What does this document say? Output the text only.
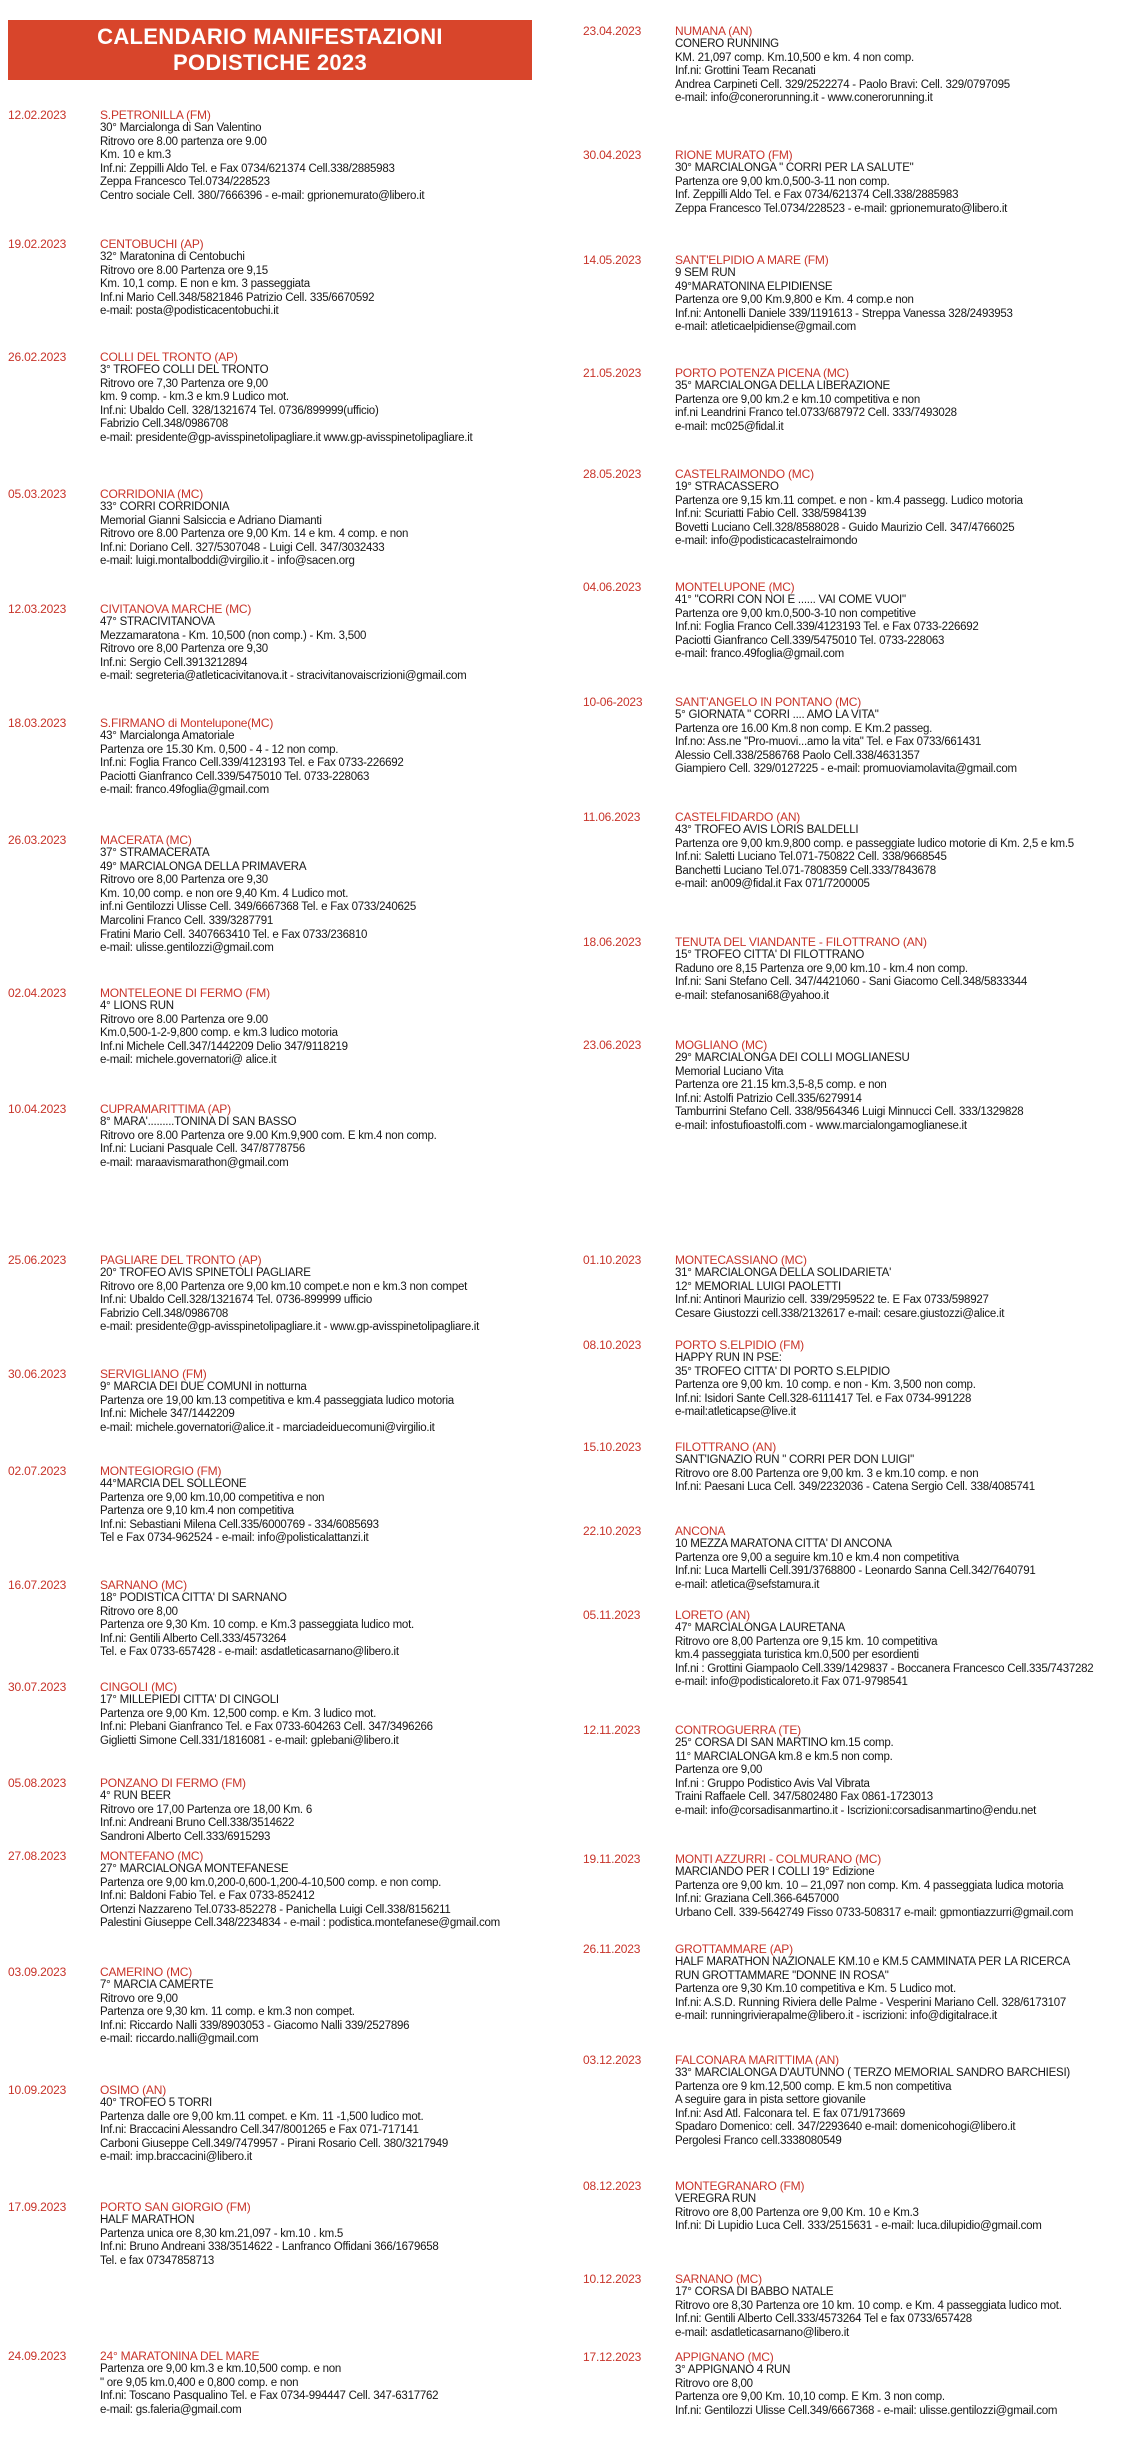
CALENDARIO MANIFESTAZIONI
PODISTICHE 2023
12.02.2023	S.PETRONILLA (FM)
30° Marcialonga di San Valentino
Ritrovo ore 8.00 partenza ore 9.00
Km. 10 e km.3
Inf.ni: Zeppilli Aldo Tel. e Fax 0734/621374 Cell.338/2885983
Zeppa Francesco Tel.0734/228523
Centro sociale Cell. 380/7666396 - e-mail: gprionemurato@libero.it
19.02.2023	CENTOBUCHI (AP)
32° Maratonina di Centobuchi
Ritrovo ore 8.00 Partenza ore 9,15
Km. 10,1 comp. E non e km. 3 passeggiata
Inf.ni Mario Cell.348/5821846 Patrizio Cell. 335/6670592
e-mail: posta@podisticacentobuchi.it
26.02.2023	COLLI DEL TRONTO (AP)
3° TROFEO COLLI DEL TRONTO
Ritrovo ore 7,30 Partenza ore 9,00
km. 9 comp. - km.3 e km.9 Ludico mot.
Inf.ni: Ubaldo Cell. 328/1321674 Tel. 0736/899999(ufficio)
Fabrizio Cell.348/0986708
e-mail: presidente@gp-avisspinetolipagliare.it www.gp-avisspinetolipagliare.it
05.03.2023	CORRIDONIA (MC)
33° CORRI CORRIDONIA
Memorial Gianni Salsiccia e Adriano Diamanti
Ritrovo ore 8.00 Partenza ore 9,00 Km. 14 e km. 4 comp. e non
Inf.ni: Doriano Cell. 327/5307048 - Luigi Cell. 347/3032433
e-mail: luigi.montalboddi@virgilio.it - info@sacen.org
12.03.2023	CIVITANOVA MARCHE (MC)
47° STRACIVITANOVA
Mezzamaratona - Km. 10,500 (non comp.) - Km. 3,500
Ritrovo ore 8,00 Partenza ore 9,30
Inf.ni: Sergio Cell.3913212894
e-mail: segreteria@atleticacivitanova.it - stracivitanovaiscrizioni@gmail.com
18.03.2023	S.FIRMANO di Montelupone(MC)
43° Marcialonga Amatoriale
Partenza ore 15.30 Km. 0,500 - 4 - 12 non comp.
Inf.ni: Foglia Franco Cell.339/4123193 Tel. e Fax 0733-226692
Paciotti Gianfranco Cell.339/5475010 Tel. 0733-228063
e-mail: franco.49foglia@gmail.com
26.03.2023	MACERATA (MC)
37° STRAMACERATA
49° MARCIALONGA DELLA PRIMAVERA
Ritrovo ore 8,00 Partenza ore 9,30
Km. 10,00 comp. e non ore 9,40 Km. 4 Ludico mot.
inf.ni Gentilozzi Ulisse Cell. 349/6667368 Tel. e Fax 0733/240625
Marcolini Franco Cell. 339/3287791
Fratini Mario Cell. 3407663410 Tel. e Fax 0733/236810
e-mail: ulisse.gentilozzi@gmail.com
02.04.2023	MONTELEONE DI FERMO (FM)
4° LIONS RUN
Ritrovo ore 8.00 Partenza ore 9.00
Km.0,500-1-2-9,800 comp. e km.3 ludico motoria
Inf.ni Michele Cell.347/1442209 Delio 347/9118219
e-mail: michele.governatori@ alice.it
10.04.2023	CUPRAMARITTIMA (AP)
8° MARA'.........TONINA DI SAN BASSO
Ritrovo ore 8.00 Partenza ore 9.00 Km.9,900 com. E km.4 non comp.
Inf.ni: Luciani Pasquale Cell. 347/8778756
e-mail: maraavismarathon@gmail.com
25.06.2023	PAGLIARE DEL TRONTO (AP)
20° TROFEO AVIS SPINETOLI PAGLIARE
Ritrovo ore 8,00 Partenza ore 9,00 km.10 compet.e non e km.3 non compet
Inf.ni: Ubaldo Cell.328/1321674 Tel. 0736-899999 ufficio
Fabrizio Cell.348/0986708
e-mail: presidente@gp-avisspinetolipagliare.it - www.gp-avisspinetolipagliare.it
30.06.2023	SERVIGLIANO (FM)
9° MARCIA DEI DUE COMUNI in notturna
Partenza ore 19,00 km.13 competitiva e km.4 passeggiata ludico motoria
Inf.ni: Michele 347/1442209
e-mail: michele.governatori@alice.it - marciadeiduecomuni@virgilio.it
02.07.2023	MONTEGIORGIO (FM)
44°MARCIA DEL SOLLEONE
Partenza ore 9,00 km.10,00 competitiva e non
Partenza ore 9,10 km.4 non competitiva
Inf.ni: Sebastiani Milena Cell.335/6000769 - 334/6085693
Tel e Fax 0734-962524 - e-mail: info@polisticalattanzi.it
16.07.2023	SARNANO (MC)
18° PODISTICA CITTA' DI SARNANO
Ritrovo ore 8,00
Partenza ore 9,30 Km. 10 comp. e Km.3 passeggiata ludico mot.
Inf.ni: Gentili Alberto Cell.333/4573264
Tel. e Fax 0733-657428 - e-mail: asdatleticasarnano@libero.it
30.07.2023	CINGOLI (MC)
17° MILLEPIEDI CITTA' DI CINGOLI
Partenza ore 9,00 Km. 12,500 comp. e Km. 3 ludico mot.
Inf.ni: Plebani Gianfranco Tel. e Fax 0733-604263 Cell. 347/3496266
Giglietti Simone Cell.331/1816081 - e-mail: gplebani@libero.it
05.08.2023	PONZANO DI FERMO (FM)
4° RUN BEER
Ritrovo ore 17,00 Partenza ore 18,00 Km. 6
Inf.ni: Andreani Bruno Cell.338/3514622
Sandroni Alberto Cell.333/6915293
27.08.2023	MONTEFANO (MC)
27° MARCIALONGA MONTEFANESE
Partenza ore 9,00 km.0,200-0,600-1,200-4-10,500 comp. e non comp.
Inf.ni: Baldoni Fabio Tel. e Fax 0733-852412
Ortenzi Nazzareno Tel.0733-852278 - Panichella Luigi Cell.338/8156211
Palestini Giuseppe Cell.348/2234834 - e-mail : podistica.montefanese@gmail.com
03.09.2023	CAMERINO (MC)
7° MARCIA CAMERTE
Ritrovo ore 9,00
Partenza ore 9,30 km. 11 comp. e km.3 non compet.
Inf.ni: Riccardo Nalli 339/8903053 - Giacomo Nalli 339/2527896
e-mail: riccardo.nalli@gmail.com
10.09.2023	OSIMO (AN)
40° TROFEO 5 TORRI
Partenza dalle ore 9,00 km.11 compet. e Km. 11 -1,500 ludico mot.
Inf.ni: Braccacini Alessandro Cell.347/8001265 e Fax 071-717141
Carboni Giuseppe Cell.349/7479957 - Pirani Rosario Cell. 380/3217949
e-mail: imp.braccacini@libero.it
17.09.2023	PORTO SAN GIORGIO (FM)
HALF MARATHON
Partenza unica ore 8,30 km.21,097 - km.10 . km.5
Inf.ni: Bruno Andreani 338/3514622 - Lanfranco Offidani 366/1679658
Tel. e fax 07347858713
24.09.2023	24° MARATONINA DEL MARE
Partenza ore 9,00 km.3 e km.10,500 comp. e non
" ore 9,05 km.0,400 e 0,800 comp. e non
Inf.ni: Toscano Pasqualino Tel. e Fax 0734-994447 Cell. 347-6317762
e-mail: gs.faleria@gmail.com
23.04.2023	NUMANA (AN)
CONERO RUNNING
KM. 21,097 comp. Km.10,500 e km. 4 non comp.
Inf.ni: Grottini Team Recanati
Andrea Carpineti Cell. 329/2522274 - Paolo Bravi: Cell. 329/0797095
e-mail: info@conerorunning.it - www.conerorunning.it
30.04.2023	RIONE MURATO (FM)
30° MARCIALONGA " CORRI PER LA SALUTE"
Partenza ore 9,00 km.0,500-3-11 non comp.
Inf. Zeppilli Aldo Tel. e Fax 0734/621374 Cell.338/2885983
Zeppa Francesco Tel.0734/228523 - e-mail: gprionemurato@libero.it
14.05.2023	SANT'ELPIDIO A MARE (FM)
9 SEM RUN
49°MARATONINA ELPIDIENSE
Partenza ore 9,00 Km.9,800 e Km. 4 comp.e non
Inf.ni: Antonelli Daniele 339/1191613 - Streppa Vanessa 328/2493953
e-mail: atleticaelpidiense@gmail.com
21.05.2023	PORTO POTENZA PICENA (MC)
35° MARCIALONGA DELLA LIBERAZIONE
Partenza ore 9,00 km.2 e km.10 competitiva e non
inf.ni Leandrini Franco tel.0733/687972 Cell. 333/7493028
e-mail: mc025@fidal.it
28.05.2023	CASTELRAIMONDO (MC)
19° STRACASSERO
Partenza ore 9,15 km.11 compet. e non - km.4 passegg. Ludico motoria
Inf.ni: Scuriatti Fabio Cell. 338/5984139
Bovetti Luciano Cell.328/8588028 - Guido Maurizio Cell. 347/4766025
e-mail: info@podisticacastelraimondo
04.06.2023	MONTELUPONE (MC)
41° "CORRI CON NOI E ...... VAI COME VUOI"
Partenza ore 9,00 km.0,500-3-10 non competitive
Inf.ni: Foglia Franco Cell.339/4123193 Tel. e Fax 0733-226692
Paciotti Gianfranco Cell.339/5475010 Tel. 0733-228063
e-mail: franco.49foglia@gmail.com
10-06-2023	SANT'ANGELO IN PONTANO (MC)
5° GIORNATA " CORRI .... AMO LA VITA"
Partenza ore 16.00 Km.8 non comp. E Km.2 passeg.
Inf.no: Ass.ne "Pro-muovi...amo la vita" Tel. e Fax 0733/661431
Alessio Cell.338/2586768 Paolo Cell.338/4631357
Giampiero Cell. 329/0127225 - e-mail: promuoviamolavita@gmail.com
11.06.2023	CASTELFIDARDO (AN)
43° TROFEO AVIS LORIS BALDELLI
Partenza ore 9,00 km.9,800 comp. e passeggiate ludico motorie di Km. 2,5 e km.5
Inf.ni: Saletti Luciano Tel.071-750822 Cell. 338/9668545
Banchetti Luciano Tel.071-7808359 Cell.333/7843678
e-mail: an009@fidal.it Fax 071/7200005
18.06.2023	TENUTA DEL VIANDANTE - FILOTTRANO (AN)
15° TROFEO CITTA' DI FILOTTRANO
Raduno ore 8,15 Partenza ore 9,00 km.10 - km.4 non comp.
Inf.ni: Sani Stefano Cell. 347/4421060 - Sani Giacomo Cell.348/5833344
e-mail: stefanosani68@yahoo.it
23.06.2023	MOGLIANO (MC)
29° MARCIALONGA DEI COLLI MOGLIANESU
Memorial Luciano Vita
Partenza ore 21.15 km.3,5-8,5 comp. e non
Inf.ni: Astolfi Patrizio Cell.335/6279914
Tamburrini Stefano Cell. 338/9564346 Luigi Minnucci Cell. 333/1329828
e-mail: infostufioastolfi.com - www.marcialongamoglianese.it
01.10.2023	MONTECASSIANO (MC)
31° MARCIALONGA DELLA SOLIDARIETA'
12° MEMORIAL LUIGI PAOLETTI
Inf.ni: Antinori Maurizio cell. 339/2959522 te. E Fax 0733/598927
Cesare Giustozzi cell.338/2132617 e-mail: cesare.giustozzi@alice.it
08.10.2023	PORTO S.ELPIDIO (FM)
HAPPY RUN IN PSE:
35° TROFEO CITTA' DI PORTO S.ELPIDIO
Partenza ore 9,00 km. 10 comp. e non - Km. 3,500 non comp.
Inf.ni: Isidori Sante Cell.328-6111417 Tel. e Fax 0734-991228
e-mail:atleticapse@live.it
15.10.2023	FILOTTRANO (AN)
SANT'IGNAZIO RUN " CORRI PER DON LUIGI"
Ritrovo ore 8.00 Partenza ore 9,00 km. 3 e km.10 comp. e non
Inf.ni: Paesani Luca Cell. 349/2232036 - Catena Sergio Cell. 338/4085741
22.10.2023	ANCONA
10 MEZZA MARATONA CITTA' DI ANCONA
Partenza ore 9,00 a seguire km.10 e km.4 non competitiva
Inf.ni: Luca Martelli Cell.391/3768800 - Leonardo Sanna Cell.342/7640791
e-mail: atletica@sefstamura.it
05.11.2023	LORETO (AN)
47° MARCIALONGA LAURETANA
Ritrovo ore 8,00 Partenza ore 9,15 km. 10 competitiva
km.4 passeggiata turistica km.0,500 per esordienti
Inf.ni : Grottini Giampaolo Cell.339/1429837 - Boccanera Francesco Cell.335/7437282
e-mail: info@podisticaloreto.it Fax 071-9798541
12.11.2023	CONTROGUERRA (TE)
25° CORSA DI SAN MARTINO km.15 comp.
11° MARCIALONGA km.8 e km.5 non comp.
Partenza ore 9,00
Inf.ni : Gruppo Podistico Avis Val Vibrata
Traini Raffaele Cell. 347/5802480 Fax 0861-1723013
e-mail: info@corsadisanmartino.it - Iscrizioni:corsadisanmartino@endu.net
19.11.2023	MONTI AZZURRI - COLMURANO (MC)
MARCIANDO PER I COLLI 19° Edizione
Partenza ore 9,00 km. 10 – 21,097 non comp. Km. 4 passeggiata ludica motoria
Inf.ni: Graziana Cell.366-6457000
Urbano Cell. 339-5642749 Fisso 0733-508317 e-mail: gpmontiazzurri@gmail.com
26.11.2023	GROTTAMMARE (AP)
HALF MARATHON NAZIONALE KM.10 e KM.5 CAMMINATA PER LA RICERCA
RUN GROTTAMMARE "DONNE IN ROSA"
Partenza ore 9,30 Km.10 competitiva e Km. 5 Ludico mot.
Inf.ni: A.S.D. Running Riviera delle Palme - Vesperini Mariano Cell. 328/6173107
e-mail: runningrivierapalme@libero.it - iscrizioni: info@digitalrace.it
03.12.2023	FALCONARA MARITTIMA (AN)
33° MARCIALONGA D'AUTUNNO ( TERZO MEMORIAL SANDRO BARCHIESI)
Partenza ore 9 km.12,500 comp. E km.5 non competitiva
A seguire gara in pista settore giovanile
Inf.ni: Asd Atl. Falconara tel. E fax 071/9173669
Spadaro Domenico: cell. 347/2293640 e-mail: domenicohogi@libero.it
Pergolesi Franco cell.3338080549
08.12.2023	MONTEGRANARO (FM)
VEREGRA RUN
Ritrovo ore 8,00 Partenza ore 9,00 Km. 10 e Km.3
Inf.ni: Di Lupidio Luca Cell. 333/2515631 - e-mail: luca.dilupidio@gmail.com
10.12.2023	SARNANO (MC)
17° CORSA DI BABBO NATALE
Ritrovo ore 8,30 Partenza ore 10 km. 10 comp. e Km. 4 passeggiata ludico mot.
Inf.ni: Gentili Alberto Cell.333/4573264 Tel e fax 0733/657428
e-mail: asdatleticasarnano@libero.it
17.12.2023	APPIGNANO (MC)
3° APPIGNANO 4 RUN
Ritrovo ore 8,00
Partenza ore 9,00 Km. 10,10 comp. E Km. 3 non comp.
Inf.ni: Gentilozzi Ulisse Cell.349/6667368 - e-mail: ulisse.gentilozzi@gmail.com
